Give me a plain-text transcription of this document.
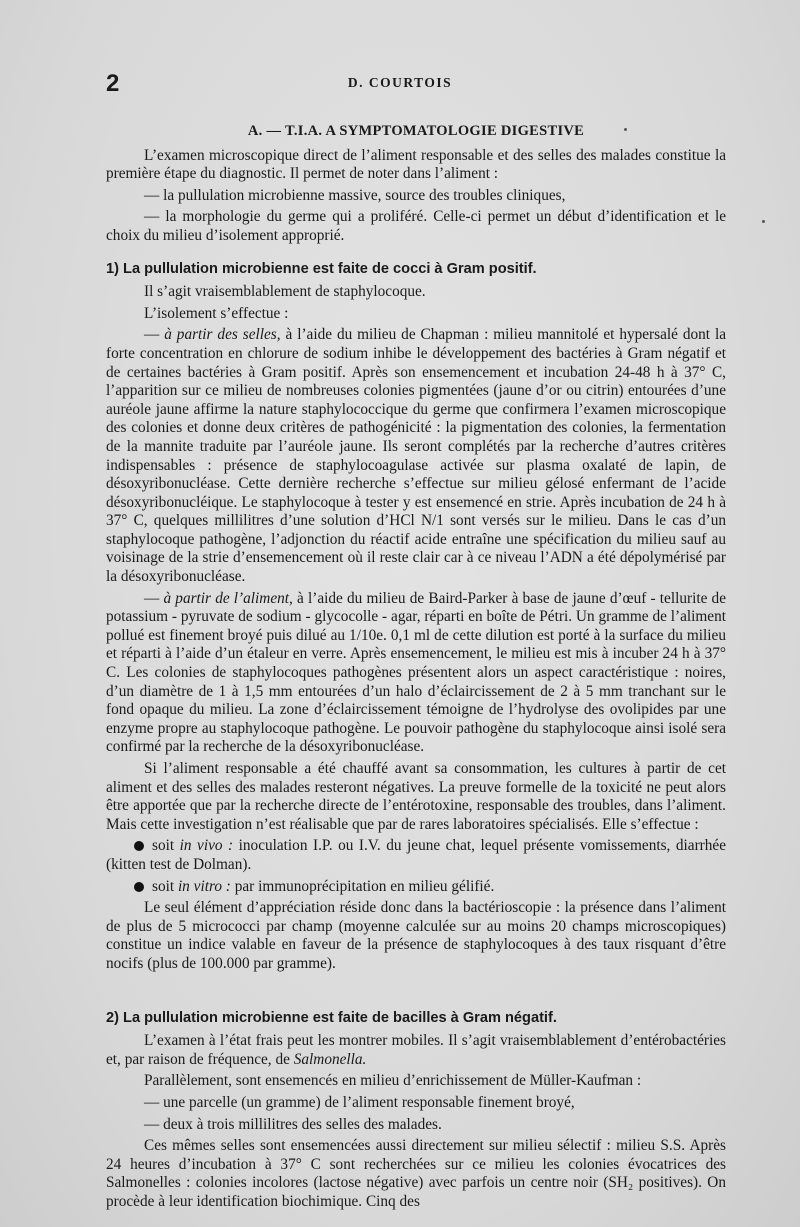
2	D. COURTOIS
A. — T.I.A. A SYMPTOMATOLOGIE DIGESTIVE

L’examen microscopique direct de l’aliment responsable et des selles des malades constitue la première étape du diagnostic. Il permet de noter dans l’aliment :

— la pullulation microbienne massive, source des troubles cliniques,

— la morphologie du germe qui a proliféré. Celle-ci permet un début d’identification et le choix du milieu d’isolement approprié.

1) La pullulation microbienne est faite de cocci à Gram positif.

Il s’agit vraisemblablement de staphylocoque.

L’isolement s’effectue :

— à partir des selles, à l’aide du milieu de Chapman : milieu mannitolé et hypersalé dont la forte concentration en chlorure de sodium inhibe le développement des bactéries à Gram négatif et de certaines bactéries à Gram positif. Après son ensemencement et incubation 24-48 h à 37° C, l’apparition sur ce milieu de nombreuses colonies pigmentées (jaune d’or ou citrin) entourées d’une auréole jaune affirme la nature staphylococcique du germe que confirmera l’examen microscopique des colonies et donne deux critères de pathogénicité : la pigmentation des colonies, la fermentation de la mannite traduite par l’auréole jaune. Ils seront complétés par la recherche d’autres critères indispensables : présence de staphylocoagulase activée sur plasma oxalaté de lapin, de désoxyribonucléase. Cette dernière recherche s’effectue sur milieu gélosé enfermant de l’acide désoxyribonucléique. Le staphylocoque à tester y est ensemencé en strie. Après incubation de 24 h à 37° C, quelques millilitres d’une solution d’HCl N/1 sont versés sur le milieu. Dans le cas d’un staphylocoque pathogène, l’adjonction du réactif acide entraîne une spécification du milieu sauf au voisinage de la strie d’ensemencement où il reste clair car à ce niveau l’ADN a été dépolymérisé par la désoxyribonucléase.

— à partir de l’aliment, à l’aide du milieu de Baird-Parker à base de jaune d’œuf - tellurite de potassium - pyruvate de sodium - glycocolle - agar, réparti en boîte de Pétri. Un gramme de l’aliment pollué est finement broyé puis dilué au 1/10e. 0,1 ml de cette dilution est porté à la surface du milieu et réparti à l’aide d’un étaleur en verre. Après ensemencement, le milieu est mis à incuber 24 h à 37° C. Les colonies de staphylocoques pathogènes présentent alors un aspect caractéristique : noires, d’un diamètre de 1 à 1,5 mm entourées d’un halo d’éclaircissement de 2 à 5 mm tranchant sur le fond opaque du milieu. La zone d’éclaircissement témoigne de l’hydrolyse des ovolipides par une enzyme propre au staphylocoque pathogène. Le pouvoir pathogène du staphylocoque ainsi isolé sera confirmé par la recherche de la désoxyribonucléase.

Si l’aliment responsable a été chauffé avant sa consommation, les cultures à partir de cet aliment et des selles des malades resteront négatives. La preuve formelle de la toxicité ne peut alors être apportée que par la recherche directe de l’entérotoxine, responsable des troubles, dans l’aliment. Mais cette investigation n’est réalisable que par de rares laboratoires spécialisés. Elle s’effectue :

soit in vivo : inoculation I.P. ou I.V. du jeune chat, lequel présente vomissements, diarrhée (kitten test de Dolman).

soit in vitro : par immunoprécipitation en milieu gélifié.

Le seul élément d’appréciation réside donc dans la bactérioscopie : la présence dans l’aliment de plus de 5 micrococci par champ (moyenne calculée sur au moins 20 champs microscopiques) constitue un indice valable en faveur de la présence de staphylocoques à des taux risquant d’être nocifs (plus de 100.000 par gramme).

2) La pullulation microbienne est faite de bacilles à Gram négatif.

L’examen à l’état frais peut les montrer mobiles. Il s’agit vraisemblablement d’entérobactéries et, par raison de fréquence, de Salmonella.

Parallèlement, sont ensemencés en milieu d’enrichissement de Müller-Kaufman :

— une parcelle (un gramme) de l’aliment responsable finement broyé,

— deux à trois millilitres des selles des malades.

Ces mêmes selles sont ensemencées aussi directement sur milieu sélectif : milieu S.S. Après 24 heures d’incubation à 37° C sont recherchées sur ce milieu les colonies évocatrices des Salmonelles : colonies incolores (lactose négative) avec parfois un centre noir (SH₂ positives). On procède à leur identification biochimique. Cinq des
